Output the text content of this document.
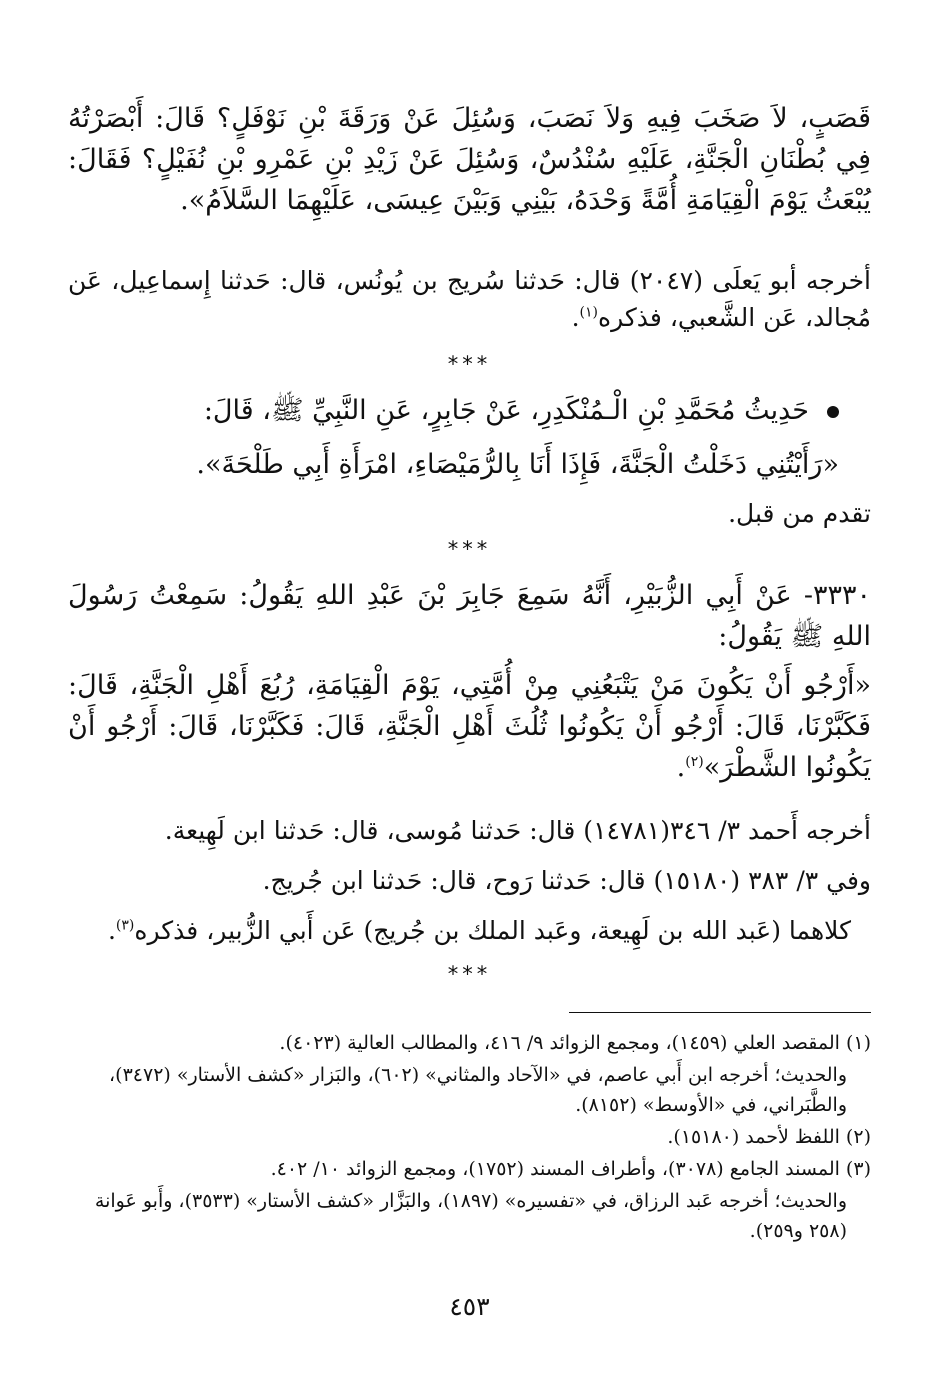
قَصَبٍ، لاَ صَخَبَ فِيهِ وَلاَ نَصَبَ، وَسُئِلَ عَنْ وَرَقَةَ بْنِ نَوْفَلٍ؟ قَالَ: أَبْصَرْتُهُ فِي بُطْنَانِ الْجَنَّةِ، عَلَيْهِ سُنْدُسٌ، وَسُئِلَ عَنْ زَيْدِ بْنِ عَمْرِو بْنِ نُفَيْلٍ؟ فَقَالَ: يُبْعَثُ يَوْمَ الْقِيَامَةِ أُمَّةً وَحْدَهُ، بَيْنِي وَبَيْنَ عِيسَى، عَلَيْهِمَا السَّلاَمُ».

أخرجه أبو يَعلَى (٢٠٤٧) قال: حَدثنا سُريج بن يُونُس، قال: حَدثنا إِسماعِيل، عَن مُجالد، عَن الشَّعبي، فذكره$^{(١)}$.

***

حَدِيثُ مُحَمَّدِ بْنِ الْـمُنْكَدِرِ، عَنْ جَابِرٍ، عَنِ النَّبِيِّ ﷺ، قَالَ:

«رَأَيْتُنِي دَخَلْتُ الْجَنَّةَ، فَإِذَا أَنَا بِالرُّمَيْصَاءِ، امْرَأَةِ أَبِي طَلْحَةَ».

تقدم من قبل.

***

٣٣٣٠- عَنْ أَبِي الزُّبَيْرِ، أَنَّهُ سَمِعَ جَابِرَ بْنَ عَبْدِ اللهِ يَقُولُ: سَمِعْتُ رَسُولَ اللهِ ﷺ يَقُولُ:

«أَرْجُو أَنْ يَكُونَ مَنْ يَتْبَعُنِي مِنْ أُمَّتِي، يَوْمَ الْقِيَامَةِ، رُبُعَ أَهْلِ الْجَنَّةِ، قَالَ: فَكَبَّرْنَا، قَالَ: أَرْجُو أَنْ يَكُونُوا ثُلُثَ أَهْلِ الْجَنَّةِ، قَالَ: فَكَبَّرْنَا، قَالَ: أَرْجُو أَنْ يَكُونُوا الشَّطْرَ»$^{(٢)}$.

أخرجه أَحمد ٣/ ٣٤٦(١٤٧٨١) قال: حَدثنا مُوسى، قال: حَدثنا ابن لَهِيعة.

وفي ٣/ ٣٨٣ (١٥١٨٠) قال: حَدثنا رَوح، قال: حَدثنا ابن جُريج.

كلاهما (عَبد الله بن لَهِيعة، وعَبد الملك بن جُريج) عَن أَبي الزُّبير، فذكره$^{(٣)}$.

***

(١) المقصد العلي (١٤٥٩)، ومجمع الزوائد ٩/ ٤١٦، والمطالب العالية (٤٠٢٣).

والحديث؛ أخرجه ابن أَبي عاصم، في «الآحاد والمثاني» (٦٠٢)، والبَزار «كشف الأستار» (٣٤٧٢)، والطَّبَراني، في «الأوسط» (٨١٥٢).

(٢) اللفظ لأحمد (١٥١٨٠).

(٣) المسند الجامع (٣٠٧٨)، وأطراف المسند (١٧٥٢)، ومجمع الزوائد ١٠/ ٤٠٢.

والحديث؛ أخرجه عَبد الرزاق، في «تفسيره» (١٨٩٧)، والبَزَّار «كشف الأستار» (٣٥٣٣)، وأَبو عَوانة (٢٥٨ و٢٥٩).

٤٥٣
